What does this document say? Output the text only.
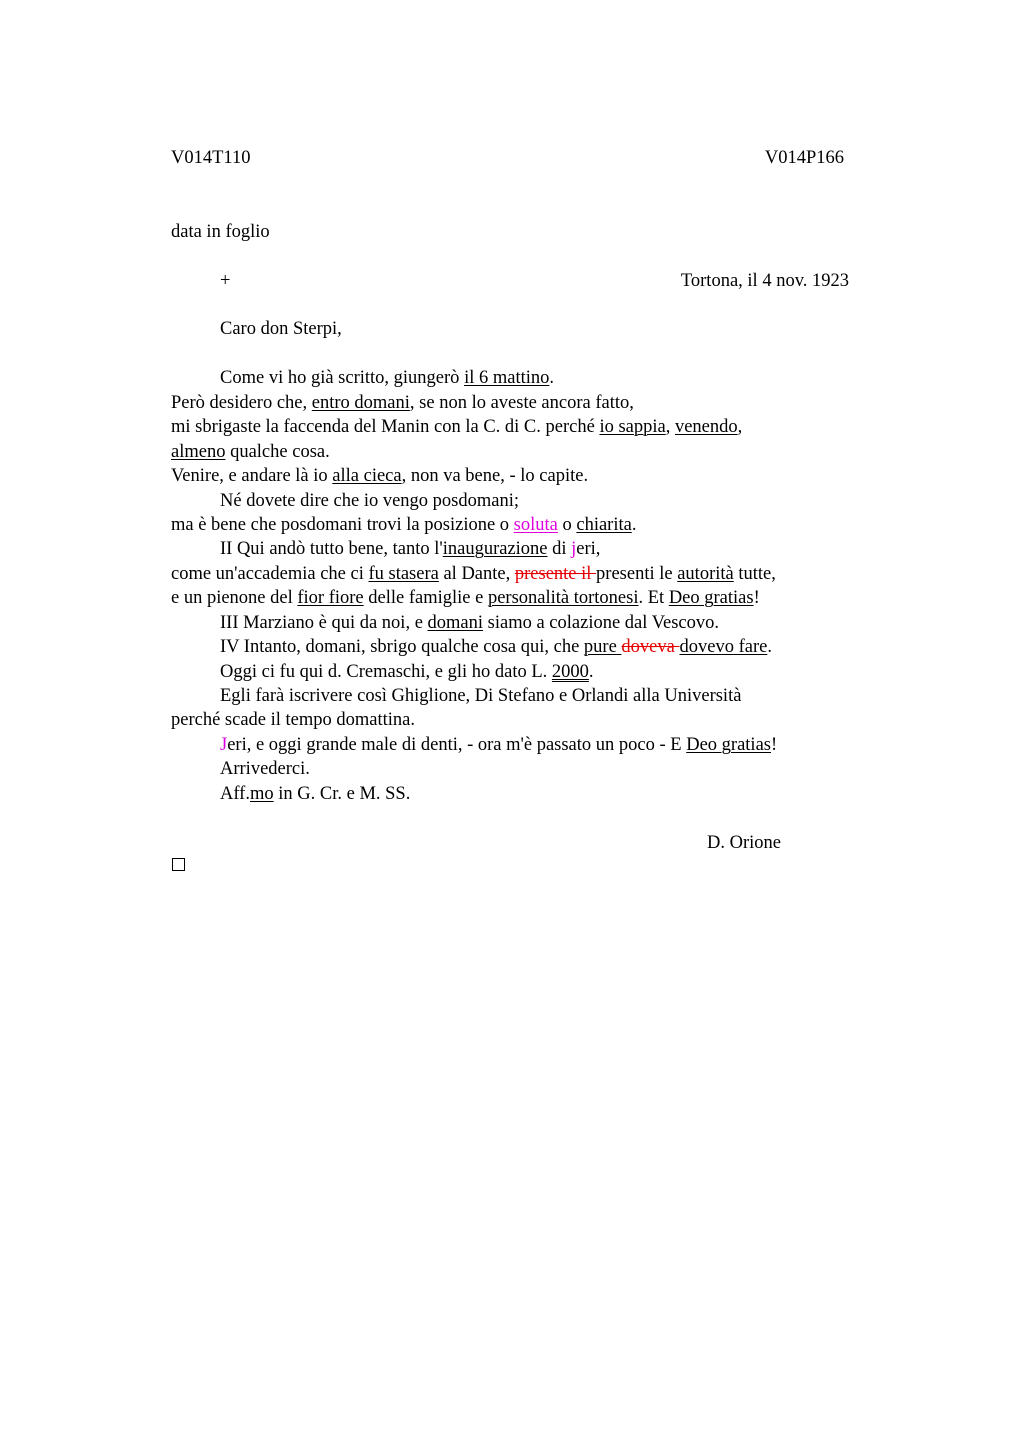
V014T110	V014P166
data in foglio
+	Tortona, il 4 nov. 1923
Caro don Sterpi,
Come vi ho già scritto, giungerò il 6 mattino.
Però desidero che, entro domani, se non lo aveste ancora fatto,
mi sbrigaste la faccenda del Manin con la C. di C. perché io sappia, venendo,
almeno qualche cosa.
Venire, e andare là io alla cieca, non va bene, - lo capite.
Né dovete dire che io vengo posdomani;
ma è bene che posdomani trovi la posizione o soluta o chiarita.
II Qui andò tutto bene, tanto l'inaugurazione di jeri,
come un'accademia che ci fu stasera al Dante, presente il presenti le autorità tutte,
e un pienone del fior fiore delle famiglie e personalità tortonesi. Et Deo gratias!
III Marziano è qui da noi, e domani siamo a colazione dal Vescovo.
IV Intanto, domani, sbrigo qualche cosa qui, che pure doveva dovevo fare.
Oggi ci fu qui d. Cremaschi, e gli ho dato L. 2000.
Egli farà iscrivere così Ghiglione, Di Stefano e Orlandi alla Università
perché scade il tempo domattina.
Jeri, e oggi grande male di denti, - ora m'è passato un poco - E Deo gratias!
Arrivederci.
Aff.mo in G. Cr. e M. SS.
D. Orione
